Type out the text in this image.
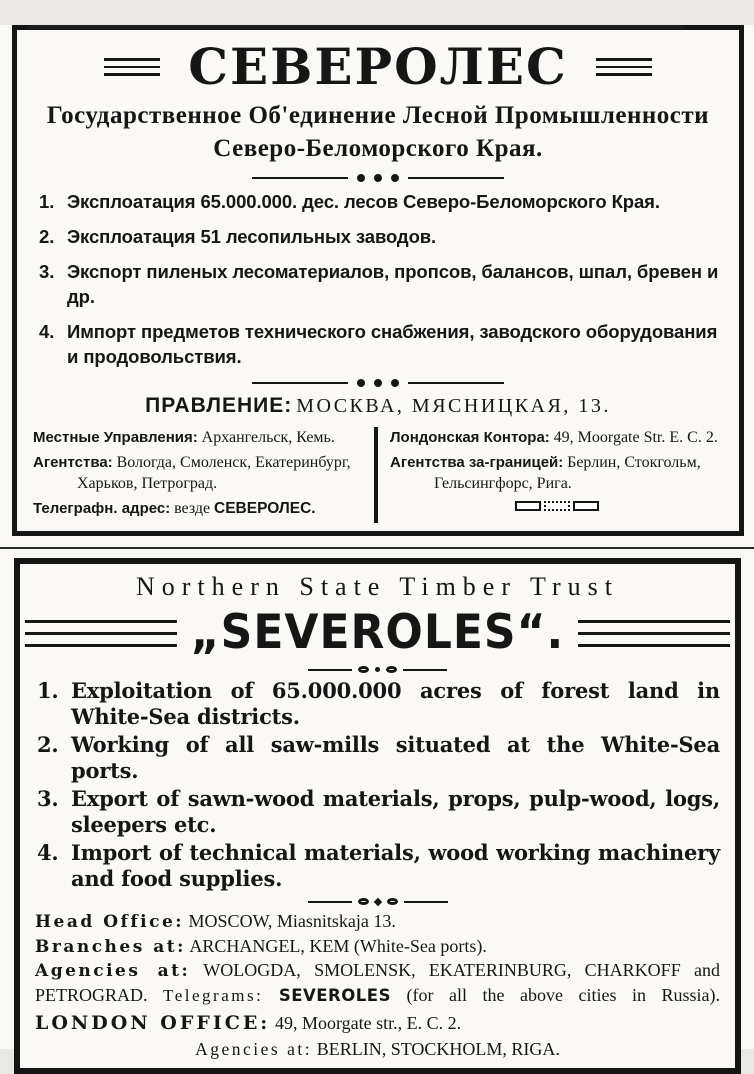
СЕВЕРОЛЕС
Государственное Об'единение Лесной Промышленности
Северо-Беломорского Края.
1. Эксплоатация 65.000.000. дес. лесов Северо-Беломорского Края.
2. Эксплоатация 51 лесопильных заводов.
3. Экспорт пиленых лесоматериалов, пропсов, балансов, шпал, бревен и др.
4. Импорт предметов технического снабжения, заводского оборудования и продовольствия.
ПРАВЛЕНИЕ: МОСКВА, МЯСНИЦКАЯ, 13.

Местные Управления: Архангельск, Кемь.

Агентства: Вологда, Смоленск, Екатеринбург, Харьков, Петроград.

Телеграфн. адрес: везде СЕВЕРОЛЕС.

Лондонская Контора: 49, Moorgate Str. E. C. 2.

Агентства за-границей: Берлин, Стокгольм, Гельсингфорс, Рига.

Northern State Timber Trust
„SEVEROLES“.
1. Exploitation of 65.000.000 acres of forest land in White-Sea districts.
2. Working of all saw-mills situated at the White-Sea ports.
3. Export of sawn-wood materials, props, pulp-wood, logs, sleepers etc.
4. Import of technical materials, wood working machinery and food supplies.

Head Office: MOSCOW, Miasnitskaja 13.

Branches at: ARCHANGEL, KEM (White-Sea ports).

Agencies at: WOLOGDA, SMOLENSK, EKATERINBURG, CHARKOFF and

PETROGRAD. Telegrams: SEVEROLES (for all the above cities in Russia).

LONDON OFFICE: 49, Moorgate str., E. C. 2.

Agencies at: BERLIN, STOCKHOLM, RIGA.
